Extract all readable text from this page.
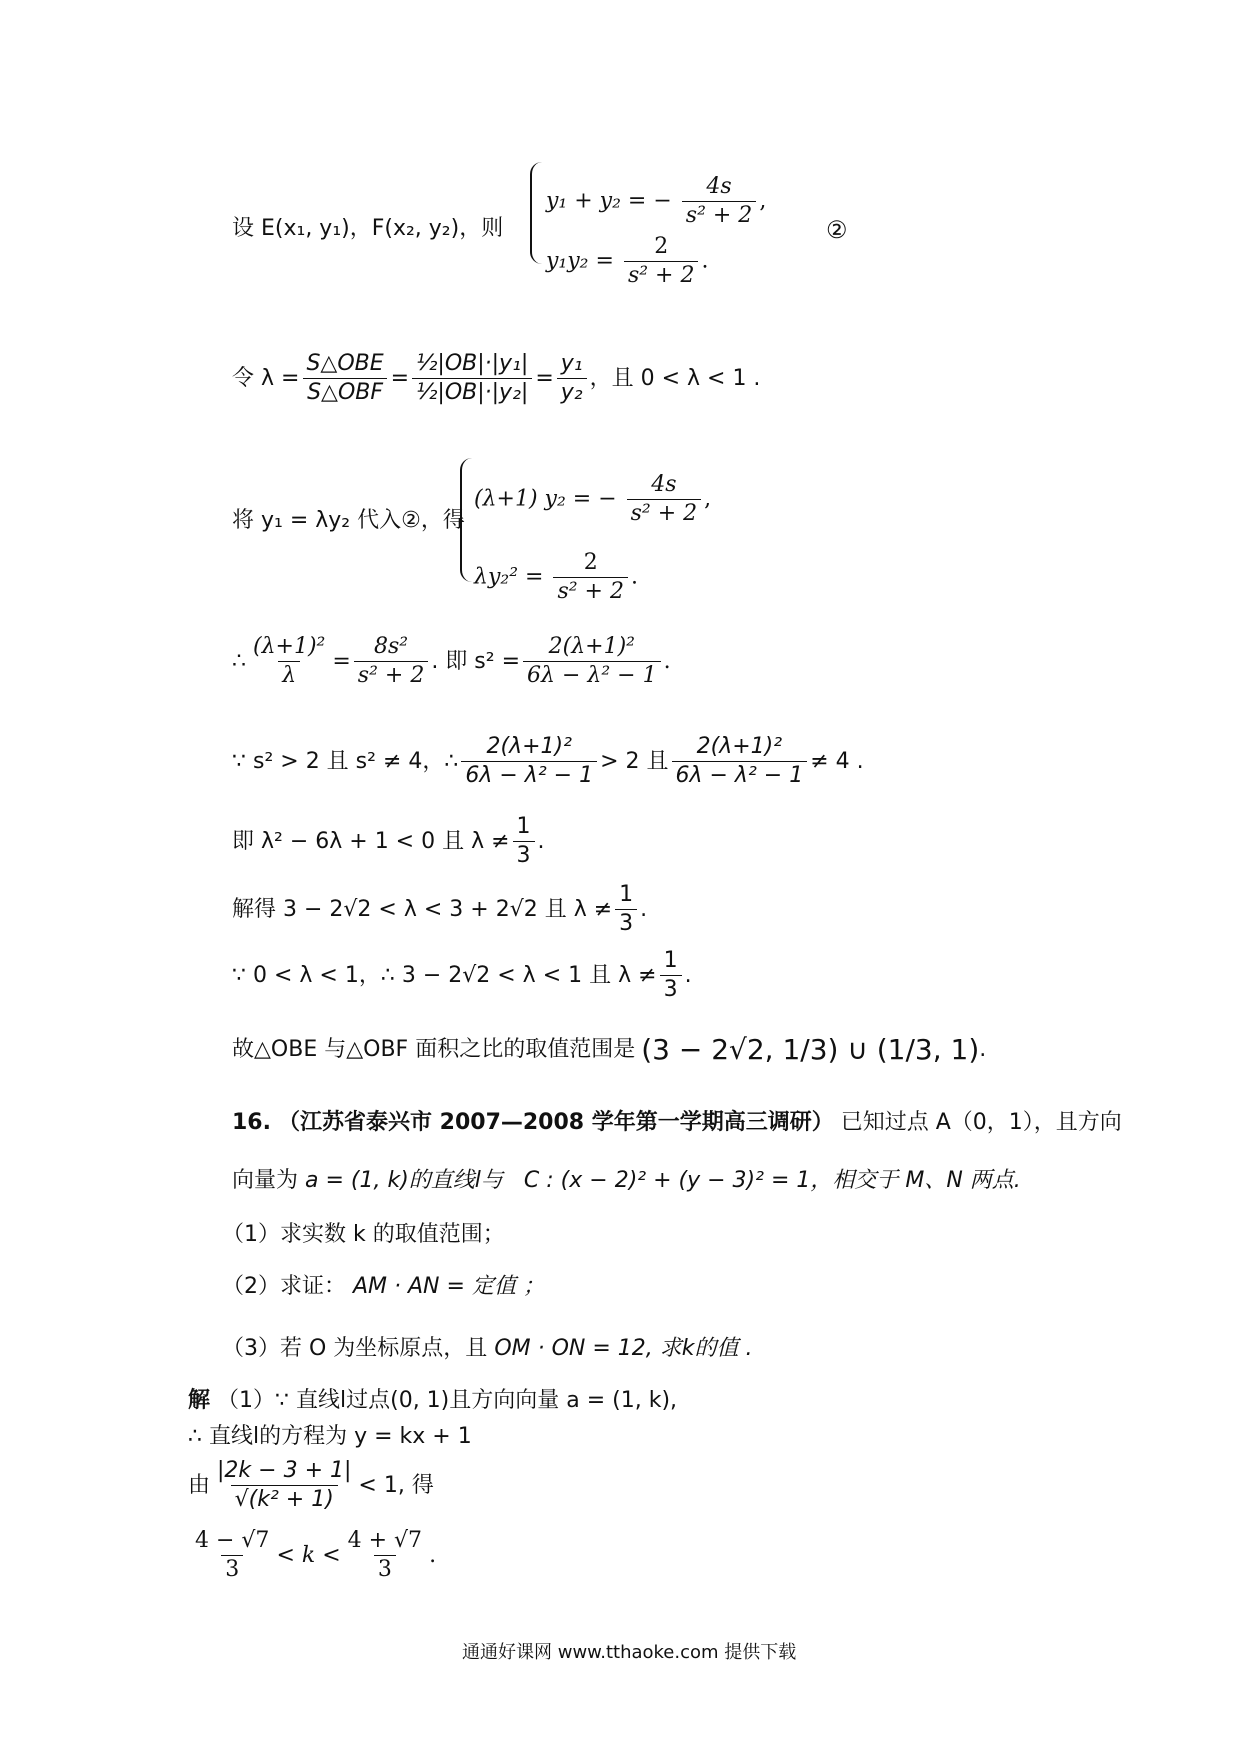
设 E(x₁, y₁)，F(x₂, y₂)，则
y₁ + y₂ = − $\frac{4s}{\text{s² + 2}}$ ,
$y_1y_2 = \frac{2}{\text{s² + 2}}$ .
②
令 $\lambda = \frac{\text{S△OBE}}{\text{S△OBF}} = \frac{\text{½|OB|·|y₁|}}{\text{½|OB|·|y₂|}} = \frac{\text{y₁}}{\text{y₂}}$ ，且 0 < λ < 1 .
将 y₁ = λy₂ 代入②，得
(λ+1) y₂ = − $\frac{4s}{\text{s² + 2}}$ ,
$\lambda y_2^2 = \frac{2}{\text{s² + 2}}$ .
∴ $\frac{\text{(λ+1)²}}{\lambda} = \frac{\text{8s²}}{\text{s² + 2}}$ . 即 $s^2 = \frac{\text{2(λ+1)²}}{\text{6λ − λ² − 1}}$ .
∵ s² > 2 且 s² ≠ 4，∴ $\frac{\text{2(λ+1)²}}{\text{6λ − λ² − 1}} > 2$ 且 $\frac{\text{2(λ+1)²}}{\text{6λ − λ² − 1}} \ne 4$ .
即 λ² − 6λ + 1 < 0 且 $\lambda \ne \frac{1}{3}$ .
解得 3 − 2√2 < λ < 3 + 2√2 且 $\lambda \ne \frac{1}{3}$ .
∵ 0 < λ < 1，∴ 3 − 2√2 < λ < 1 且 $\lambda \ne \frac{1}{3}$ .
故△OBE 与△OBF 面积之比的取值范围是 (3 − 2√2, 1/3) ∪ (1/3, 1) .
16. （江苏省泰兴市 2007—2008 学年第一学期高三调研） 已知过点 A（0，1），且方向
向量为 a = (1, k)的直线l与 C : (x − 2)² + (y − 3)² = 1，相交于 M、N 两点.
（1）求实数 k 的取值范围；
（2）求证： AM · AN = 定值 ；
（3）若 O 为坐标原点，且 OM · ON = 12, 求k的值 .
解 （1）∵ 直线l过点(0, 1)且方向向量 a = (1, k),
∴ 直线l的方程为 y = kx + 1
由 $\frac{|2k - 3 + 1|}{\text{√(k² + 1)}} < 1$, 得
$\frac{4 - √7}{3} < k < \frac{4 + √7}{3}$ .
通通好课网 www.tthaoke.com 提供下载
